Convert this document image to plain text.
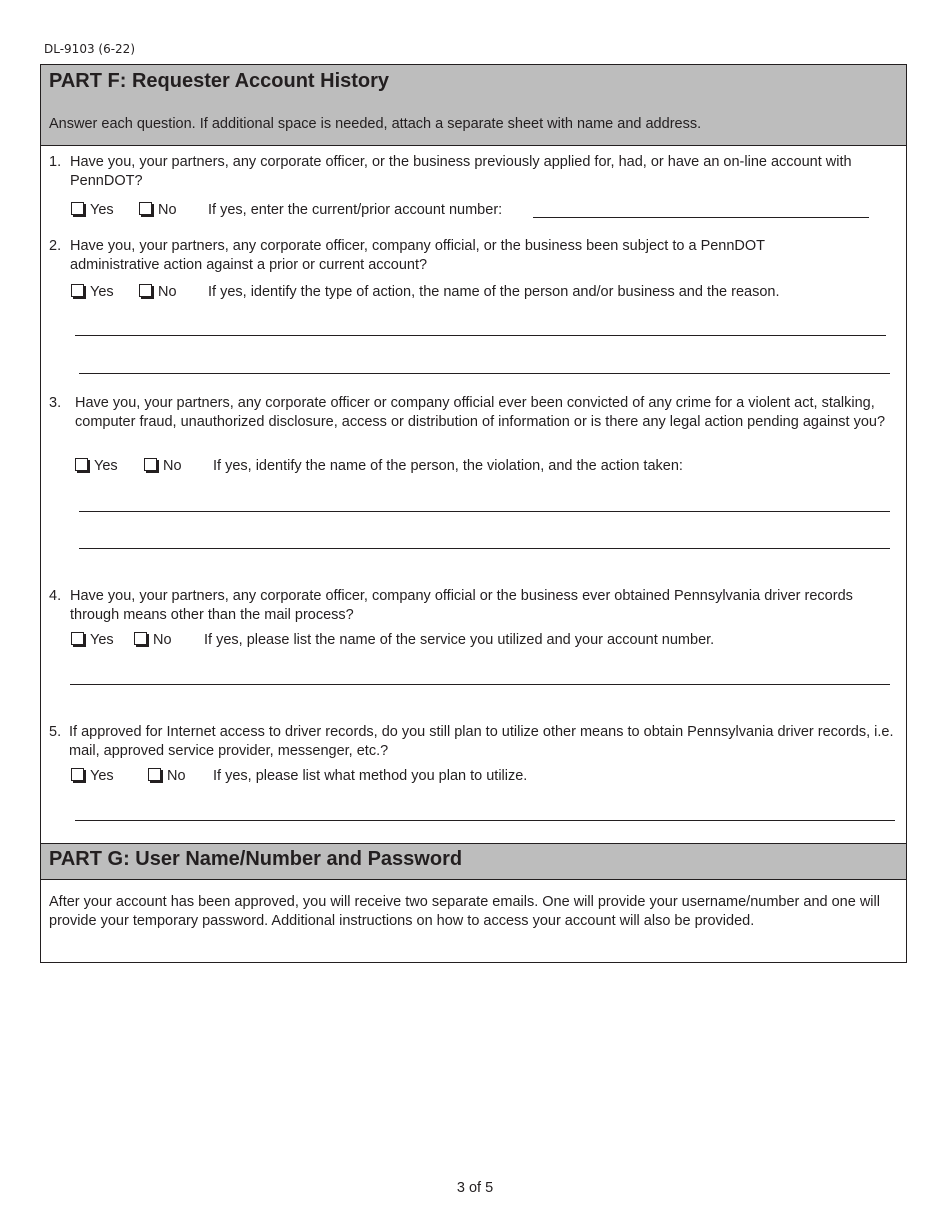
DL-9103 (6-22)
PART F: Requester Account History
Answer each question. If additional space is needed, attach a separate sheet with name and address.
1. Have you, your partners, any corporate officer, or the business previously applied for, had, or have an on-line account with PennDOT?
Yes	No If yes, enter the current/prior account number:
2. Have you, your partners, any corporate officer, company official, or the business been subject to a PennDOT administrative action against a prior or current account?
Yes	No If yes, identify the type of action, the name of the person and/or business and the reason.
3. Have you, your partners, any corporate officer or company official ever been convicted of any crime for a violent act, stalking, computer fraud, unauthorized disclosure, access or distribution of information or is there any legal action pending against you?
Yes	No If yes, identify the name of the person, the violation, and the action taken:
4. Have you, your partners, any corporate officer, company official or the business ever obtained Pennsylvania driver records through means other than the mail process?
Yes	No If yes, please list the name of the service you utilized and your account number.
5. If approved for Internet access to driver records, do you still plan to utilize other means to obtain Pennsylvania driver records, i.e. mail, approved service provider, messenger, etc.?
Yes	No If yes, please list what method you plan to utilize.
PART G: User Name/Number and Password
After your account has been approved, you will receive two separate emails. One will provide your username/number and one will provide your temporary password. Additional instructions on how to access your account will also be provided.
3 of 5
